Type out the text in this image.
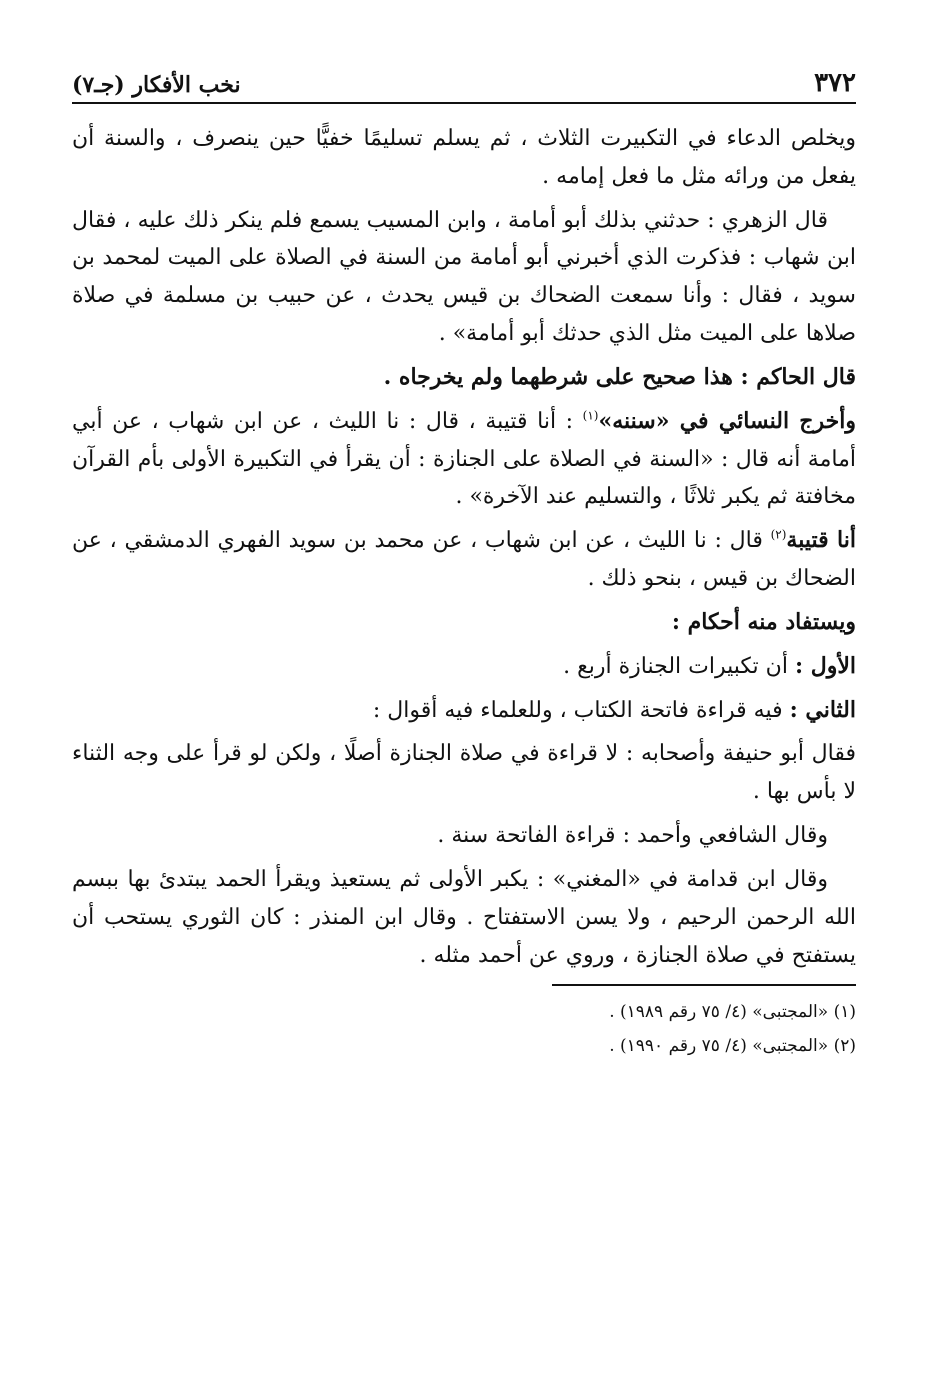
٣٧٢
نخب الأفكار (جـ٧)

ويخلص الدعاء في التكبيرت الثلاث ، ثم يسلم تسليمًا خفيًّا حين ينصرف ، والسنة أن يفعل من ورائه مثل ما فعل إمامه .

قال الزهري : حدثني بذلك أبو أمامة ، وابن المسيب يسمع فلم ينكر ذلك عليه ، فقال ابن شهاب : فذكرت الذي أخبرني أبو أمامة من السنة في الصلاة على الميت لمحمد بن سويد ، فقال : وأنا سمعت الضحاك بن قيس يحدث ، عن حبيب بن مسلمة في صلاة صلاها على الميت مثل الذي حدثك أبو أمامة» .

قال الحاكم : هذا صحيح على شرطهما ولم يخرجاه .

وأخرج النسائي في «سننه»$^{(١)}$ : أنا قتيبة ، قال : نا الليث ، عن ابن شهاب ، عن أبي أمامة أنه قال : «السنة في الصلاة على الجنازة : أن يقرأ في التكبيرة الأولى بأم القرآن مخافتة ثم يكبر ثلاثًا ، والتسليم عند الآخرة» .

أنا قتيبة$^{(٢)}$ قال : نا الليث ، عن ابن شهاب ، عن محمد بن سويد الفهري الدمشقي ، عن الضحاك بن قيس ، بنحو ذلك .

ويستفاد منه أحكام :

الأول : أن تكبيرات الجنازة أربع .

الثاني : فيه قراءة فاتحة الكتاب ، وللعلماء فيه أقوال :

فقال أبو حنيفة وأصحابه : لا قراءة في صلاة الجنازة أصلًا ، ولكن لو قرأ على وجه الثناء لا بأس بها .

وقال الشافعي وأحمد : قراءة الفاتحة سنة .

وقال ابن قدامة في «المغني» : يكبر الأولى ثم يستعيذ ويقرأ الحمد يبتدئ بها ببسم الله الرحمن الرحيم ، ولا يسن الاستفتاح . وقال ابن المنذر : كان الثوري يستحب أن يستفتح في صلاة الجنازة ، وروي عن أحمد مثله .

(١) «المجتبى» (٤/ ٧٥ رقم ١٩٨٩) .

(٢) «المجتبى» (٤/ ٧٥ رقم ١٩٩٠) .
